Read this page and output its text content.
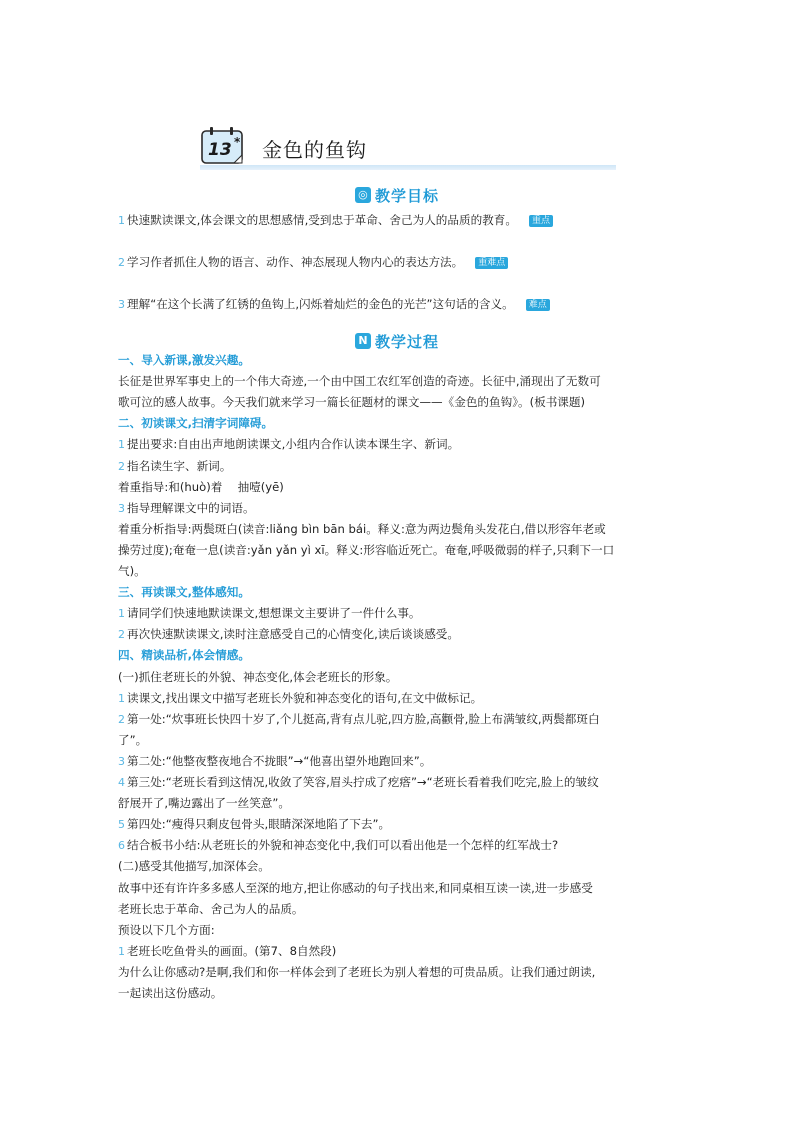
13 * 金色的鱼钩
◎ 教学目标
1 快速默读课文,体会课文的思想感情,受到忠于革命、舍己为人的品质的教育。 重点
2 学习作者抓住人物的语言、动作、神态展现人物内心的表达方法。 重难点
3 理解“在这个长满了红锈的鱼钩上,闪烁着灿烂的金色的光芒”这句话的含义。 难点
N 教学过程
一、导入新课,激发兴趣。
长征是世界军事史上的一个伟大奇迹,一个由中国工农红军创造的奇迹。长征中,涌现出了无数可
歌可泣的感人故事。今天我们就来学习一篇长征题材的课文——《金色的鱼钩》。(板书课题)
二、初读课文,扫清字词障碍。
1 提出要求:自由出声地朗读课文,小组内合作认读本课生字、新词。
2 指名读生字、新词。
着重指导:和(huò)着　 抽噎(yē)
3 指导理解课文中的词语。
着重分析指导:两鬓斑白(读音:liǎng bìn bān bái。释义:意为两边鬓角头发花白,借以形容年老或
操劳过度);奄奄一息(读音:yǎn yǎn yì xī。释义:形容临近死亡。奄奄,呼吸微弱的样子,只剩下一口
气)。
三、再读课文,整体感知。
1 请同学们快速地默读课文,想想课文主要讲了一件什么事。
2 再次快速默读课文,读时注意感受自己的心情变化,读后谈谈感受。
四、精读品析,体会情感。
(一)抓住老班长的外貌、神态变化,体会老班长的形象。
1 读课文,找出课文中描写老班长外貌和神态变化的语句,在文中做标记。
2 第一处:“炊事班长快四十岁了,个儿挺高,背有点儿驼,四方脸,高颧骨,脸上布满皱纹,两鬓都斑白
了”。
3 第二处:“他整夜整夜地合不拢眼”→“他喜出望外地跑回来”。
4 第三处:“老班长看到这情况,收敛了笑容,眉头拧成了疙瘩”→“老班长看着我们吃完,脸上的皱纹
舒展开了,嘴边露出了一丝笑意”。
5 第四处:“瘦得只剩皮包骨头,眼睛深深地陷了下去”。
6 结合板书小结:从老班长的外貌和神态变化中,我们可以看出他是一个怎样的红军战士?
(二)感受其他描写,加深体会。
故事中还有许许多多感人至深的地方,把让你感动的句子找出来,和同桌相互读一读,进一步感受
老班长忠于革命、舍己为人的品质。
预设以下几个方面:
1 老班长吃鱼骨头的画面。(第7、8自然段)
为什么让你感动?是啊,我们和你一样体会到了老班长为别人着想的可贵品质。让我们通过朗读,
一起读出这份感动。
